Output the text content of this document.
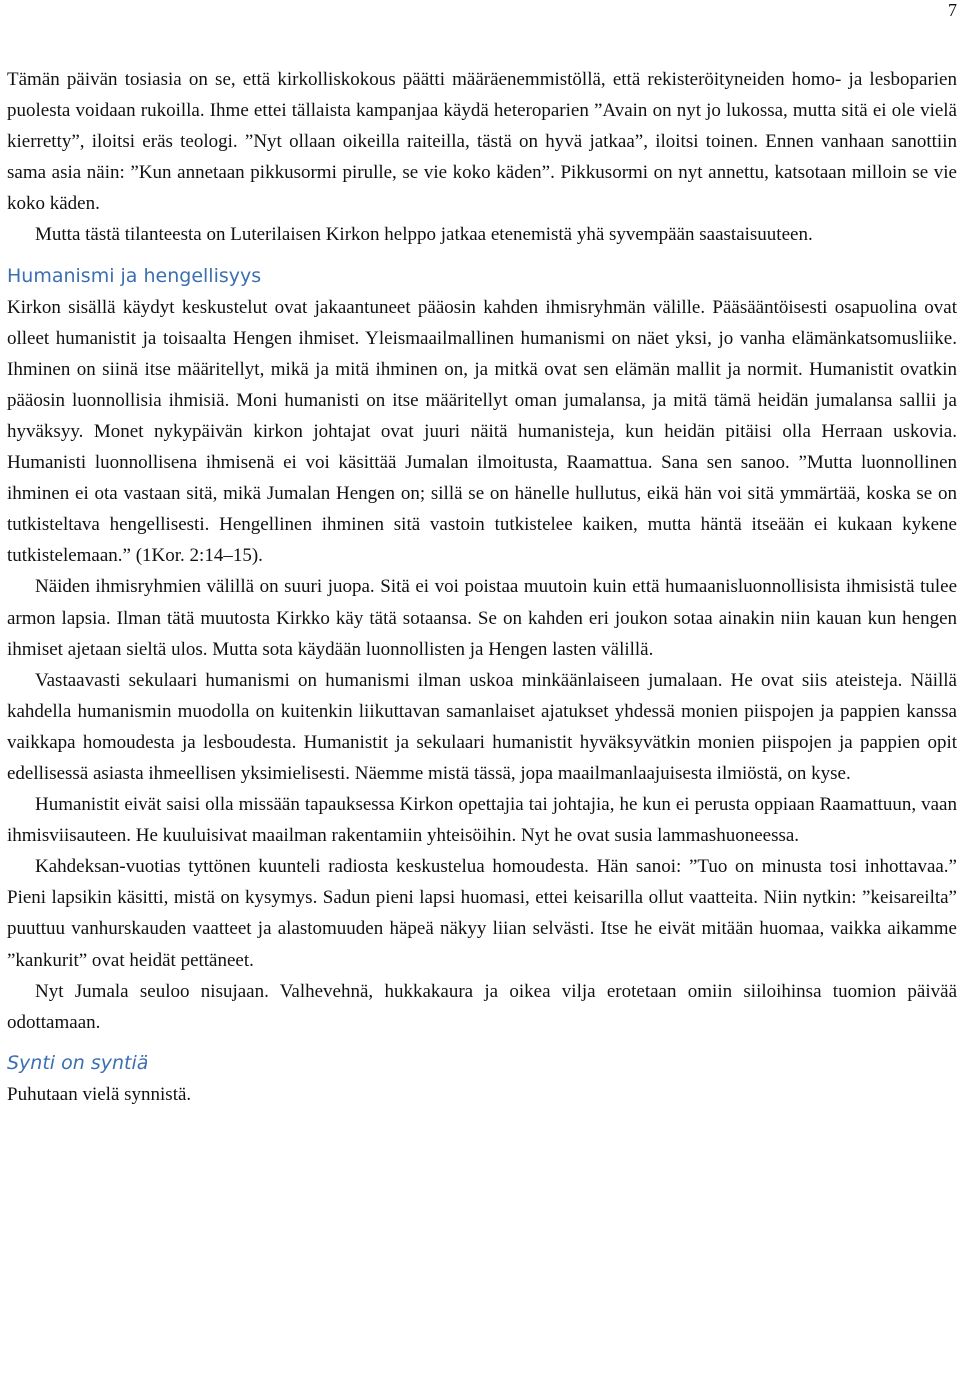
7

Tämän päivän tosiasia on se, että kirkolliskokous päätti määräenemmistöllä, että rekisteröityneiden homo- ja lesboparien puolesta voidaan rukoilla. Ihme ettei tällaista kampanjaa käydä heteroparien ”Avain on nyt jo lukossa, mutta sitä ei ole vielä kierretty”, iloitsi eräs teologi. ”Nyt ollaan oikeilla raiteilla, tästä on hyvä jatkaa”, iloitsi toinen. Ennen vanhaan sanottiin sama asia näin: ”Kun annetaan pikkusormi pirulle, se vie koko käden”. Pikkusormi on nyt annettu, katsotaan milloin se vie koko käden.

Mutta tästä tilanteesta on Luterilaisen Kirkon helppo jatkaa etenemistä yhä syvempään saastaisuuteen.

Humanismi ja hengellisyys

Kirkon sisällä käydyt keskustelut ovat jakaantuneet pääosin kahden ihmisryhmän välille. Pääsääntöisesti osapuolina ovat olleet humanistit ja toisaalta Hengen ihmiset. Yleismaailmallinen humanismi on näet yksi, jo vanha elämänkatsomusliike. Ihminen on siinä itse määritellyt, mikä ja mitä ihminen on, ja mitkä ovat sen elämän mallit ja normit. Humanistit ovatkin pääosin luonnollisia ihmisiä. Moni humanisti on itse määritellyt oman jumalansa, ja mitä tämä heidän jumalansa sallii ja hyväksyy. Monet nykypäivän kirkon johtajat ovat juuri näitä humanisteja, kun heidän pitäisi olla Herraan uskovia. Humanisti luonnollisena ihmisenä ei voi käsittää Jumalan ilmoitusta, Raamattua. Sana sen sanoo. ”Mutta luonnollinen ihminen ei ota vastaan sitä, mikä Jumalan Hengen on; sillä se on hänelle hullutus, eikä hän voi sitä ymmärtää, koska se on tutkisteltava hengellisesti. Hengellinen ihminen sitä vastoin tutkistelee kaiken, mutta häntä itseään ei kukaan kykene tutkistelemaan.” (1Kor. 2:14–15).

Näiden ihmisryhmien välillä on suuri juopa. Sitä ei voi poistaa muutoin kuin että humaanisluonnollisista ihmisistä tulee armon lapsia. Ilman tätä muutosta Kirkko käy tätä sotaansa. Se on kahden eri joukon sotaa ainakin niin kauan kun hengen ihmiset ajetaan sieltä ulos. Mutta sota käydään luonnollisten ja Hengen lasten välillä.

Vastaavasti sekulaari humanismi on humanismi ilman uskoa minkäänlaiseen jumalaan. He ovat siis ateisteja. Näillä kahdella humanismin muodolla on kuitenkin liikuttavan samanlaiset ajatukset yhdessä monien piispojen ja pappien kanssa vaikkapa homoudesta ja lesboudesta. Humanistit ja sekulaari humanistit hyväksyvätkin monien piispojen ja pappien opit edellisessä asiasta ihmeellisen yksimielisesti. Näemme mistä tässä, jopa maailmanlaajuisesta ilmiöstä, on kyse.

Humanistit eivät saisi olla missään tapauksessa Kirkon opettajia tai johtajia, he kun ei perusta oppiaan Raamattuun, vaan ihmisviisauteen. He kuuluisivat maailman rakentamiin yhteisöihin. Nyt he ovat susia lammashuoneessa.

Kahdeksan-vuotias tyttönen kuunteli radiosta keskustelua homoudesta. Hän sanoi: ”Tuo on minusta tosi inhottavaa.” Pieni lapsikin käsitti, mistä on kysymys. Sadun pieni lapsi huomasi, ettei keisarilla ollut vaatteita. Niin nytkin: ”keisareilta” puuttuu vanhurskauden vaatteet ja alastomuuden häpeä näkyy liian selvästi. Itse he eivät mitään huomaa, vaikka aikamme ”kankurit” ovat heidät pettäneet.

Nyt Jumala seuloo nisujaan. Valhevehnä, hukkakaura ja oikea vilja erotetaan omiin siiloihinsa tuomion päivää odottamaan.

Synti on syntiä

Puhutaan vielä synnistä.
